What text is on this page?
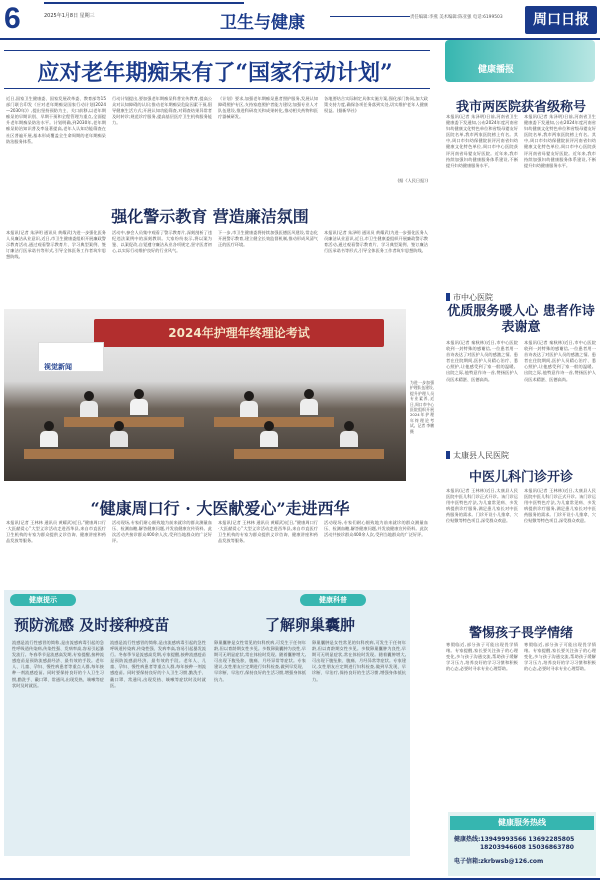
6	2025年1月8日 星期三	卫生与健康	责任编辑:李燕 美术编辑:陈亚强 电话:6199503	周口日报
应对老年期痴呆有了“国家行动计划”
近日,国家卫生健康委、国家发展改革委、教育部等15部门联合印发《应对老年期痴呆国家行动计划(2024—2030年)》,提出坚持预防为主、关口前移,以老年期痴呆的早期识别、早期干预和全程管理为重点,全面提升老年期痴呆防治水平。计划明确,到2030年,老年期痴呆防治知识普及率显著提高,老年人认知功能筛查在社区普遍开展,基本形成覆盖全生命周期的老年期痴呆防治服务体系。
行动计划提出,要加强老年期痴呆科普宣传教育,提高公众对认知障碍的认识;推动老年期痴呆危险因素干预,倡导健康生活方式;开展认知功能筛查,对筛查结果异常者及时转诊;规范诊疗服务,提高基层医疗卫生机构服务能力。
《计划》要求,加强老年期痴呆患者照护服务,发展认知障碍照护专区,支持家庭照护者能力建设;加强专业人才队伍建设,推进科研攻关和成果转化,推动相关药物和医疗器械研发。
各地要结合实际制定具体实施方案,强化部门协同,加大政策支持力度,确保各项任务落到实处,切实维护老年人健康权益。(据新华社)
(据《人民日报》)
强化警示教育 营造廉洁氛围
本报讯(记者 朱泽明 通讯员 黄耀武)为进一步强化医务人员廉洁从业意识,近日,市卫生健康委组织开展廉政警示教育活动,通过观看警示教育片、学习典型案例、签订廉洁行医承诺书等形式,引导全体医务工作者筑牢思想防线。
活动中,参会人员集中观看了警示教育片,深刻剖析了违纪违法案例中的深刻教训。大家纷纷表示,将以案为鉴、以案促改,自觉遵守廉洁从业各项规定,坚守医者初心,以实际行动维护良好的行业风气。
下一步,市卫生健康委将持续加强医德医风建设,常态化开展警示教育,建立健全长效监督机制,推动形成风清气正的医疗环境。
本报讯(记者 朱泽明 通讯员 黄耀武)为进一步强化医务人员廉洁从业意识,近日,市卫生健康委组织开展廉政警示教育活动,通过观看警示教育片、学习典型案例、签订廉洁行医承诺书等形式,引导全体医务工作者筑牢思想防线。
2024年护理年终理论考试
视觉新闻
为进一步加强护理队伍建设,提升护理人员专业素养,近日,周口市中心医院组织开展2024年护理年终理论考试。记者 李鹏 摄
“健康周口行 · 大医献爱心”走进西华
本报讯(记者 王林林 通讯员 黄耀武)近日,“健康周口行·大医献爱心”大型义诊活动走进西华县,来自市直医疗卫生机构的专家为群众提供义诊咨询、健康讲座和药品发放等服务。
活动现场,专家们耐心细致地为前来就诊的群众测量血压、检测血糖,解答健康问题,并发放健康宣传资料。此次活动共接诊群众400余人次,受到当地群众的广泛好评。
本报讯(记者 王林林 通讯员 黄耀武)近日,“健康周口行·大医献爱心”大型义诊活动走进西华县,来自市直医疗卫生机构的专家为群众提供义诊咨询、健康讲座和药品发放等服务。
活动现场,专家们耐心细致地为前来就诊的群众测量血压、检测血糖,解答健康问题,并发放健康宣传资料。此次活动共接诊群众400余人次,受到当地群众的广泛好评。
健康提示	健康科普
预防流感 及时接种疫苗	了解卵巢囊肿
流感是流行性感冒的简称,是由流感病毒引起的急性呼吸道传染病,传染性强、发病率高,容易引起暴发流行。冬春季节是流感高发期,专家提醒,接种流感疫苗是预防流感最经济、最有效的手段。老年人、儿童、孕妇、慢性病患者等重点人群,每年接种一剂流感疫苗。同时要保持良好的个人卫生习惯,勤洗手、戴口罩、常通风,出现发热、咳嗽等症状时及时就医。
流感是流行性感冒的简称,是由流感病毒引起的急性呼吸道传染病,传染性强、发病率高,容易引起暴发流行。冬春季节是流感高发期,专家提醒,接种流感疫苗是预防流感最经济、最有效的手段。老年人、儿童、孕妇、慢性病患者等重点人群,每年接种一剂流感疫苗。同时要保持良好的个人卫生习惯,勤洗手、戴口罩、常通风,出现发热、咳嗽等症状时及时就医。
卵巢囊肿是女性常见的妇科疾病,可发生于任何年龄,但以育龄期女性多见。多数卵巢囊肿为良性,早期可无明显症状,常在体检时发现。随着囊肿增大,可出现下腹坠胀、腹痛、月经异常等症状。专家建议,女性朋友应定期进行妇科检查,做到早发现、早诊断、早治疗,保持良好的生活习惯,增强身体抵抗力。
卵巢囊肿是女性常见的妇科疾病,可发生于任何年龄,但以育龄期女性多见。多数卵巢囊肿为良性,早期可无明显症状,常在体检时发现。随着囊肿增大,可出现下腹坠胀、腹痛、月经异常等症状。专家建议,女性朋友应定期进行妇科检查,做到早发现、早诊断、早治疗,保持良好的生活习惯,增强身体抵抗力。
健康播报
我市两医院获省级称号
本报讯(记者 朱泽明)日前,河南省卫生健康委下发通知,公布2024年度河南省妇幼健康文化特色单位和省级母婴友好医院名单,我市两家医院榜上有名。其中,周口市妇幼保健院获评河南省妇幼健康文化特色单位,周口市中心医院获评河南省母婴友好医院。近年来,我市持续加强妇幼健康服务体系建设,不断提升妇幼健康服务水平。
本报讯(记者 朱泽明)日前,河南省卫生健康委下发通知,公布2024年度河南省妇幼健康文化特色单位和省级母婴友好医院名单,我市两家医院榜上有名。其中,周口市妇幼保健院获评河南省妇幼健康文化特色单位,周口市中心医院获评河南省母婴友好医院。近年来,我市持续加强妇幼健康服务体系建设,不断提升妇幼健康服务水平。
市中心医院
优质服务暖人心 患者作诗表谢意
本报讯(记者 秦秋林)近日,市中心医院收到一封特殊的感谢信,一位患者用一首诗表达了对医护人员的感激之情。患者在住院期间,医护人员精心治疗、悉心照护,让他感受到了家一般的温暖。出院之际,他特意作诗一首,赞扬医护人员医术精湛、医德高尚。
本报讯(记者 秦秋林)近日,市中心医院收到一封特殊的感谢信,一位患者用一首诗表达了对医护人员的感激之情。患者在住院期间,医护人员精心治疗、悉心照护,让他感受到了家一般的温暖。出院之际,他特意作诗一首,赞扬医护人员医术精湛、医德高尚。
太康县人民医院
中医儿科门诊开诊
本报讯(记者 王林林)近日,太康县人民医院中医儿科门诊正式开诊。该门诊运用中医特色疗法,为儿童常见病、多发病提供诊疗服务,满足患儿家长对中医药服务的需求。门诊开设小儿推拿、穴位贴敷等特色项目,深受群众欢迎。
本报讯(记者 王林林)近日,太康县人民医院中医儿科门诊正式开诊。该门诊运用中医特色疗法,为儿童常见病、多发病提供诊疗服务,满足患儿家长对中医药服务的需求。门诊开设小儿推拿、穴位贴敷等特色项目,深受群众欢迎。
警惕孩子畏学情绪
寒假临近,部分孩子可能出现畏学情绪。专家提醒,家长要关注孩子的心理变化,多与孩子沟通交流,帮助孩子缓解学习压力,培养良好的学习习惯和积极的心态,必要时寻求专业心理帮助。
寒假临近,部分孩子可能出现畏学情绪。专家提醒,家长要关注孩子的心理变化,多与孩子沟通交流,帮助孩子缓解学习压力,培养良好的学习习惯和积极的心态,必要时寻求专业心理帮助。
健康服务热线
健康热线:13949993566 13692285805
18203946608 15036863780
电子信箱:zkrbwsb@126.com
